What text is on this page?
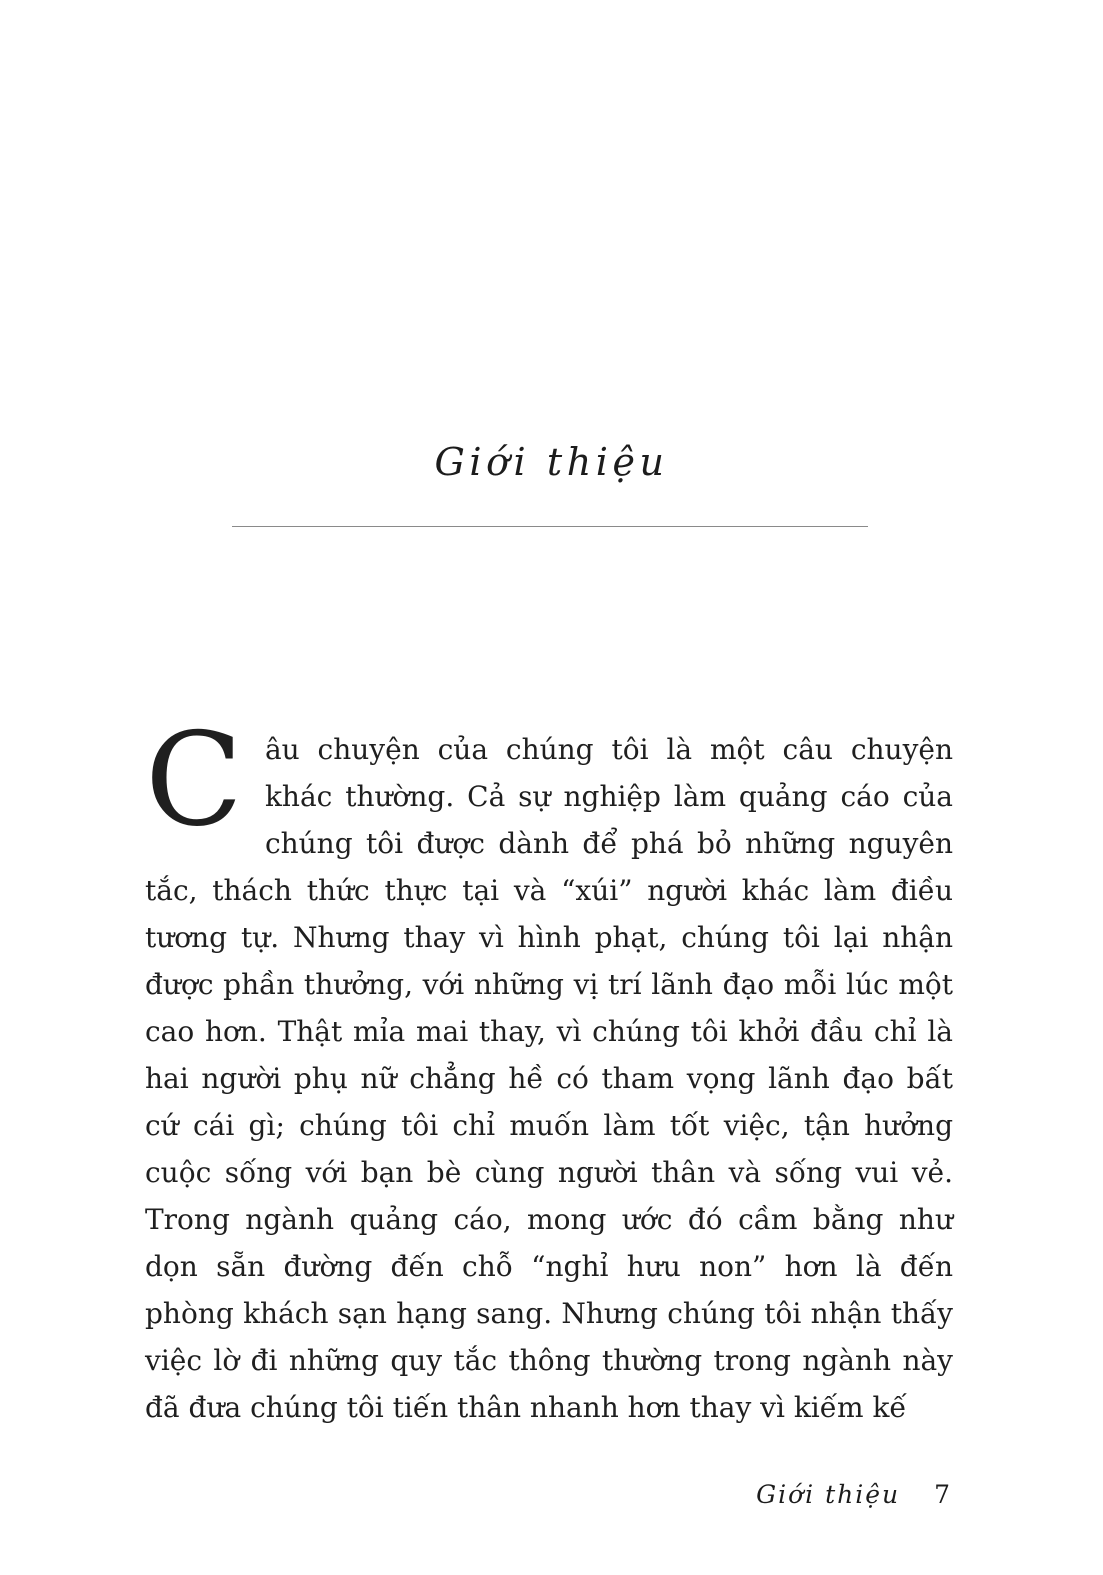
Giới thiệu

Câu chuyện của chúng tôi là một câu chuyện khác thường. Cả sự nghiệp làm quảng cáo của chúng tôi được dành để phá bỏ những nguyên tắc, thách thức thực tại và “xúi” người khác làm điều tương tự. Nhưng thay vì hình phạt, chúng tôi lại nhận được phần thưởng, với những vị trí lãnh đạo mỗi lúc một cao hơn. Thật mỉa mai thay, vì chúng tôi khởi đầu chỉ là hai người phụ nữ chẳng hề có tham vọng lãnh đạo bất cứ cái gì; chúng tôi chỉ muốn làm tốt việc, tận hưởng cuộc sống với bạn bè cùng người thân và sống vui vẻ. Trong ngành quảng cáo, mong ước đó cầm bằng như dọn sẵn đường đến chỗ “nghỉ hưu non” hơn là đến phòng khách sạn hạng sang. Nhưng chúng tôi nhận thấy việc lờ đi những quy tắc thông thường trong ngành này đã đưa chúng tôi tiến thân nhanh hơn thay vì kiếm kế

Giới thiệu 7
